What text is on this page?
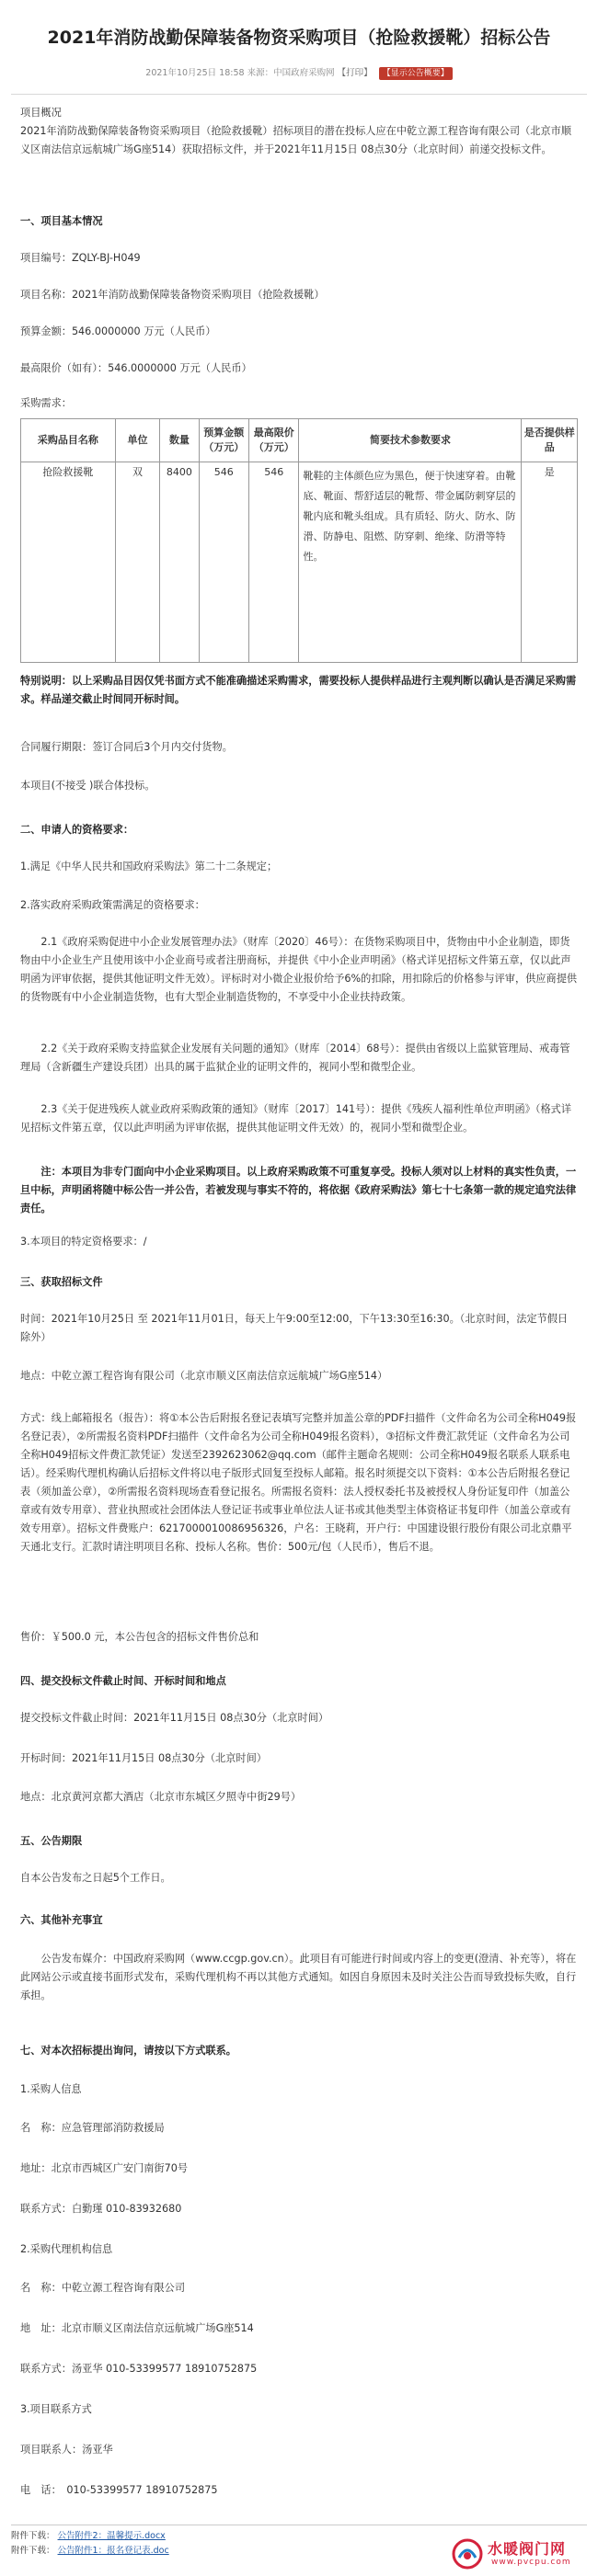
2021年消防战勤保障装备物资采购项目（抢险救援靴）招标公告
2021年10月25日 18:58 来源：中国政府采购网 【打印】 【显示公告概要】
项目概况
2021年消防战勤保障装备物资采购项目（抢险救援靴）招标项目的潜在投标人应在中乾立源工程咨询有限公司（北京市顺义区南法信京远航城广场G座514）获取招标文件，并于2021年11月15日 08点30分（北京时间）前递交投标文件。
一、项目基本情况
项目编号：ZQLY-BJ-H049
项目名称：2021年消防战勤保障装备物资采购项目（抢险救援靴）
预算金额：546.0000000 万元（人民币）
最高限价（如有）：546.0000000 万元（人民币）
采购需求：
采购品目名称	单位	数量	预算金额（万元）	最高限价（万元）	简要技术参数要求	是否提供样品
抢险救援靴	双	8400	546	546	靴鞋的主体颜色应为黑色，便于快速穿着。由靴底、靴面、帮舒适层的靴帮、带金属防刺穿层的靴内底和靴头组成。具有质轻、防火、防水、防滑、防静电、阻燃、防穿刺、绝缘、防滑等特性。	是
特别说明：以上采购品目因仅凭书面方式不能准确描述采购需求，需要投标人提供样品进行主观判断以确认是否满足采购需求。样品递交截止时间同开标时间。
合同履行期限：签订合同后3个月内交付货物。
本项目(不接受 )联合体投标。
二、申请人的资格要求：
1.满足《中华人民共和国政府采购法》第二十二条规定；
2.落实政府采购政策需满足的资格要求：
2.1《政府采购促进中小企业发展管理办法》（财库〔2020〕46号）：在货物采购项目中，货物由中小企业制造，即货物由中小企业生产且使用该中小企业商号或者注册商标，并提供《中小企业声明函》（格式详见招标文件第五章，仅以此声明函为评审依据，提供其他证明文件无效）。评标时对小微企业报价给予6%的扣除，用扣除后的价格参与评审，供应商提供的货物既有中小企业制造货物，也有大型企业制造货物的，不享受中小企业扶持政策。
2.2《关于政府采购支持监狱企业发展有关问题的通知》（财库〔2014〕68号）：提供由省级以上监狱管理局、戒毒管理局（含新疆生产建设兵团）出具的属于监狱企业的证明文件的，视同小型和微型企业。
2.3《关于促进残疾人就业政府采购政策的通知》（财库〔2017〕141号）：提供《残疾人福利性单位声明函》（格式详见招标文件第五章，仅以此声明函为评审依据，提供其他证明文件无效）的，视同小型和微型企业。
注：本项目为非专门面向中小企业采购项目。以上政府采购政策不可重复享受。投标人须对以上材料的真实性负责，一旦中标，声明函将随中标公告一并公告，若被发现与事实不符的，将依据《政府采购法》第七十七条第一款的规定追究法律责任。
3.本项目的特定资格要求：/
三、获取招标文件
时间：2021年10月25日 至 2021年11月01日，每天上午9:00至12:00，下午13:30至16:30。（北京时间，法定节假日除外）
地点：中乾立源工程咨询有限公司（北京市顺义区南法信京远航城广场G座514）
方式：线上邮箱报名（报告）：将①本公告后附报名登记表填写完整并加盖公章的PDF扫描件（文件命名为公司全称H049报名登记表），②所需报名资料PDF扫描件（文件命名为公司全称H049报名资料），③招标文件费汇款凭证（文件命名为公司全称H049招标文件费汇款凭证）发送至2392623062@qq.com（邮件主题命名规则：公司全称H049报名联系人联系电话）。经采购代理机构确认后招标文件将以电子版形式回复至投标人邮箱。报名时须提交以下资料：①本公告后附报名登记表（须加盖公章），②所需报名资料现场查看登记报名。所需报名资料：法人授权委托书及被授权人身份证复印件（加盖公章或有效专用章）、营业执照或社会团体法人登记证书或事业单位法人证书或其他类型主体资格证书复印件（加盖公章或有效专用章）。招标文件费账户：6217000010086956326，户名：王晓莉，开户行：中国建设银行股份有限公司北京鼎平天通北支行。汇款时请注明项目名称、投标人名称。售价：500元/包（人民币），售后不退。
售价：￥500.0 元，本公告包含的招标文件售价总和
四、提交投标文件截止时间、开标时间和地点
提交投标文件截止时间：2021年11月15日 08点30分（北京时间）
开标时间：2021年11月15日 08点30分（北京时间）
地点：北京黄河京都大酒店（北京市东城区夕照寺中街29号）
五、公告期限
自本公告发布之日起5个工作日。
六、其他补充事宜
公告发布媒介：中国政府采购网（www.ccgp.gov.cn）。此项目有可能进行时间或内容上的变更(澄清、补充等），将在此网站公示或直接书面形式发布，采购代理机构不再以其他方式通知。如因自身原因未及时关注公告而导致投标失败，自行承担。
七、对本次招标提出询问，请按以下方式联系。
1.采购人信息
名　称：应急管理部消防救援局
地址：北京市西城区广安门南街70号
联系方式：白勤瑾 010-83932680
2.采购代理机构信息
名　称：中乾立源工程咨询有限公司
地　址：北京市顺义区南法信京远航城广场G座514
联系方式：汤亚华 010-53399577 18910752875
3.项目联系方式
项目联系人：汤亚华
电　话：　010-53399577 18910752875
附件下载： 公告附件2：温馨提示.docx
附件下载： 公告附件1：报名登记表.doc	水暖阀门网
www.pvcpu.com
